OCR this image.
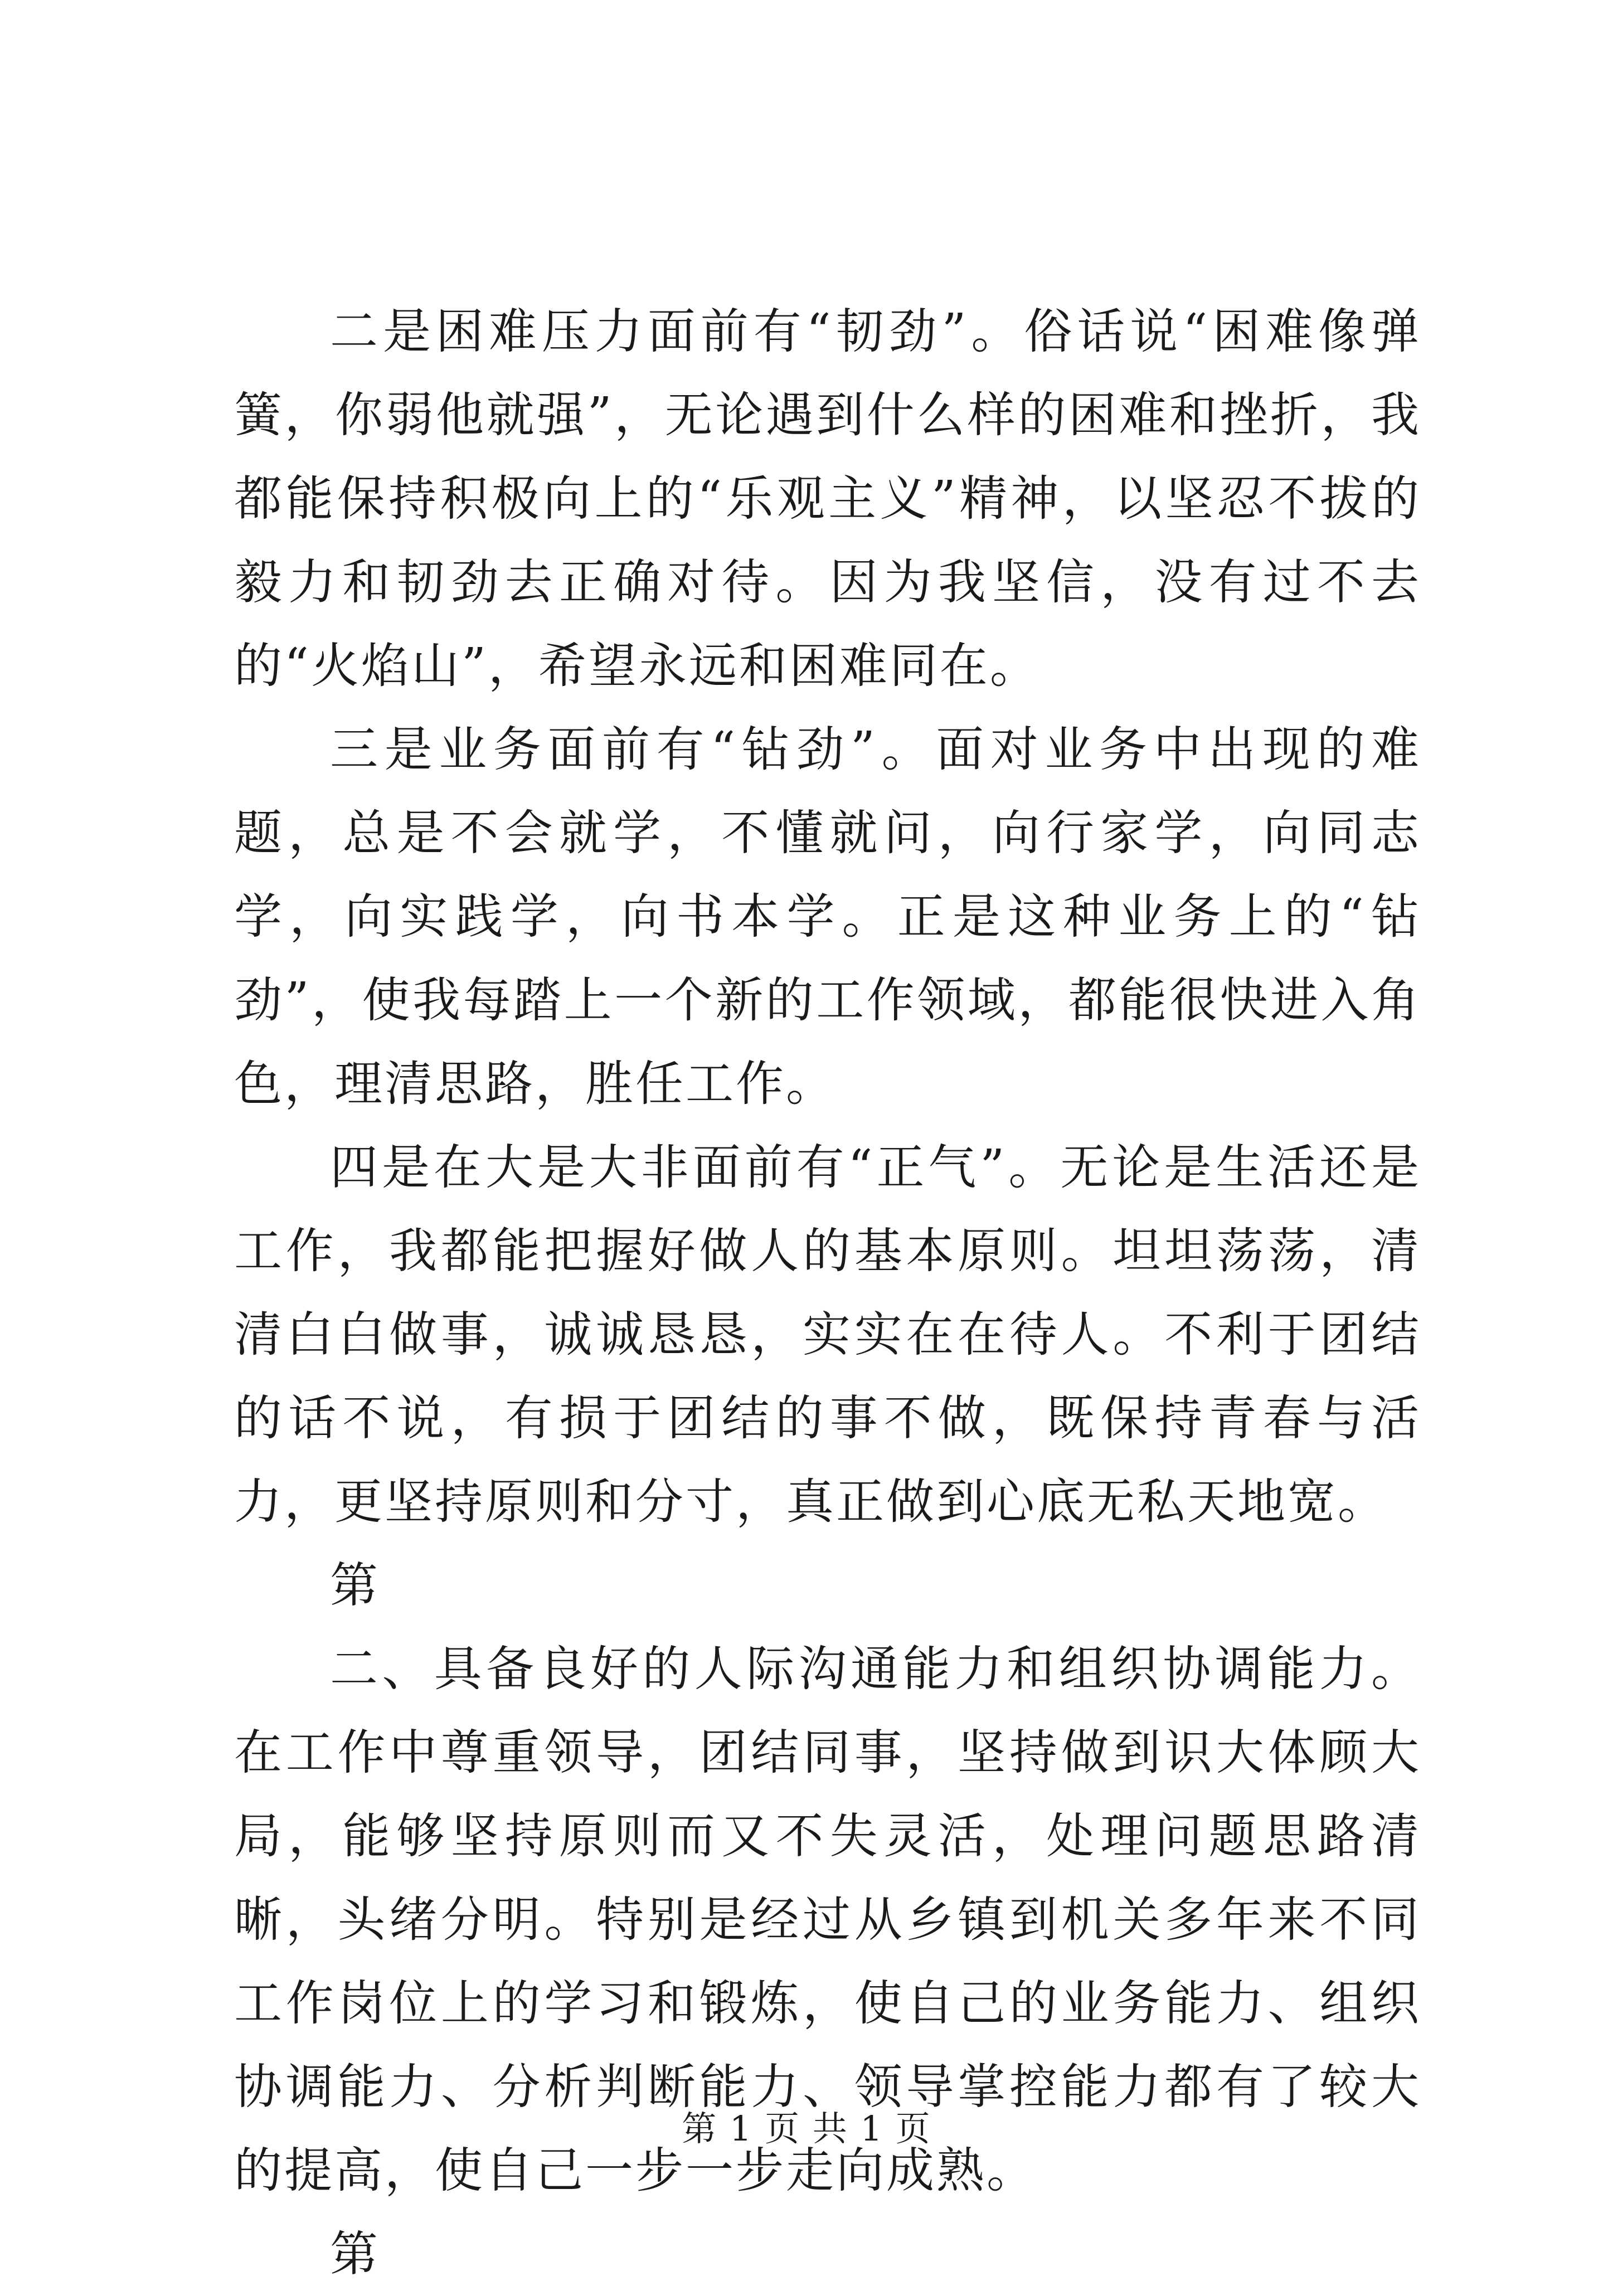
二是困难压力面前有“韧劲”。俗话说“困难像弹簧，你弱他就强”，无论遇到什么样的困难和挫折，我都能保持积极向上的“乐观主义”精神，以坚忍不拔的毅力和韧劲去正确对待。因为我坚信，没有过不去的“火焰山”，希望永远和困难同在。

三是业务面前有“钻劲”。面对业务中出现的难题，总是不会就学，不懂就问，向行家学，向同志学，向实践学，向书本学。正是这种业务上的“钻劲”，使我每踏上一个新的工作领域，都能很快进入角色，理清思路，胜任工作。

四是在大是大非面前有“正气”。无论是生活还是工作，我都能把握好做人的基本原则。坦坦荡荡，清清白白做事，诚诚恳恳，实实在在待人。不利于团结的话不说，有损于团结的事不做，既保持青春与活力，更坚持原则和分寸，真正做到心底无私天地宽。

第

二、具备良好的人际沟通能力和组织协调能力。在工作中尊重领导，团结同事，坚持做到识大体顾大局，能够坚持原则而又不失灵活，处理问题思路清晰，头绪分明。特别是经过从乡镇到机关多年来不同工作岗位上的学习和锻炼，使自己的业务能力、组织协调能力、分析判断能力、领导掌控能力都有了较大的提高，使自己一步一步走向成熟。

第

第 1 页 共 1 页
